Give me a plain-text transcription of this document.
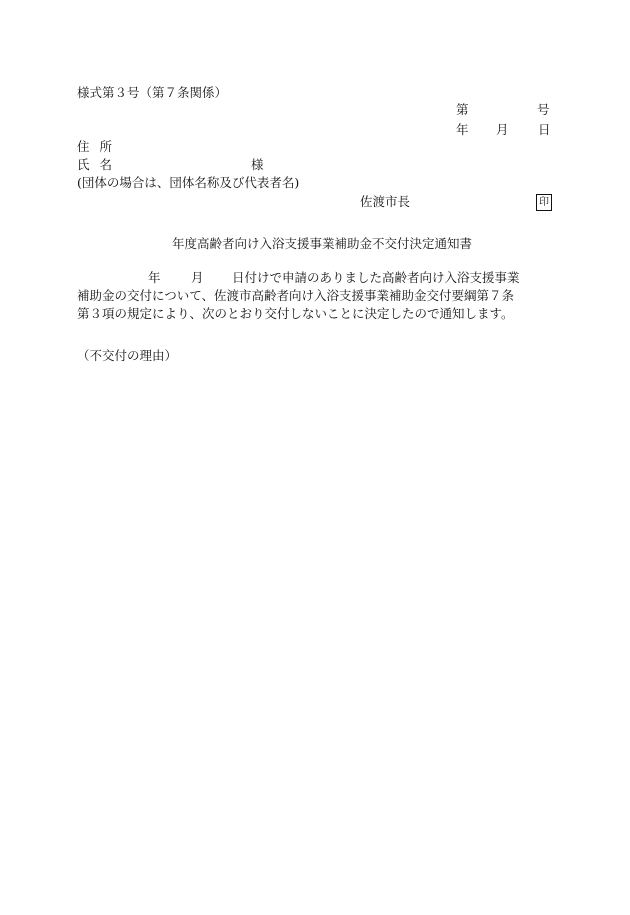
様式第３号（第７条関係）
第	号
年 月 日
住所
氏名	様
(団体の場合は、団体名称及び代表者名)
佐渡市長	印
年度高齢者向け入浴支援事業補助金不交付決定通知書
年 月 日付けで申請のありました高齢者向け入浴支援事業
補助金の交付について、佐渡市高齢者向け入浴支援事業補助金交付要綱第７条
第３項の規定により、次のとおり交付しないことに決定したので通知します。
（不交付の理由）
